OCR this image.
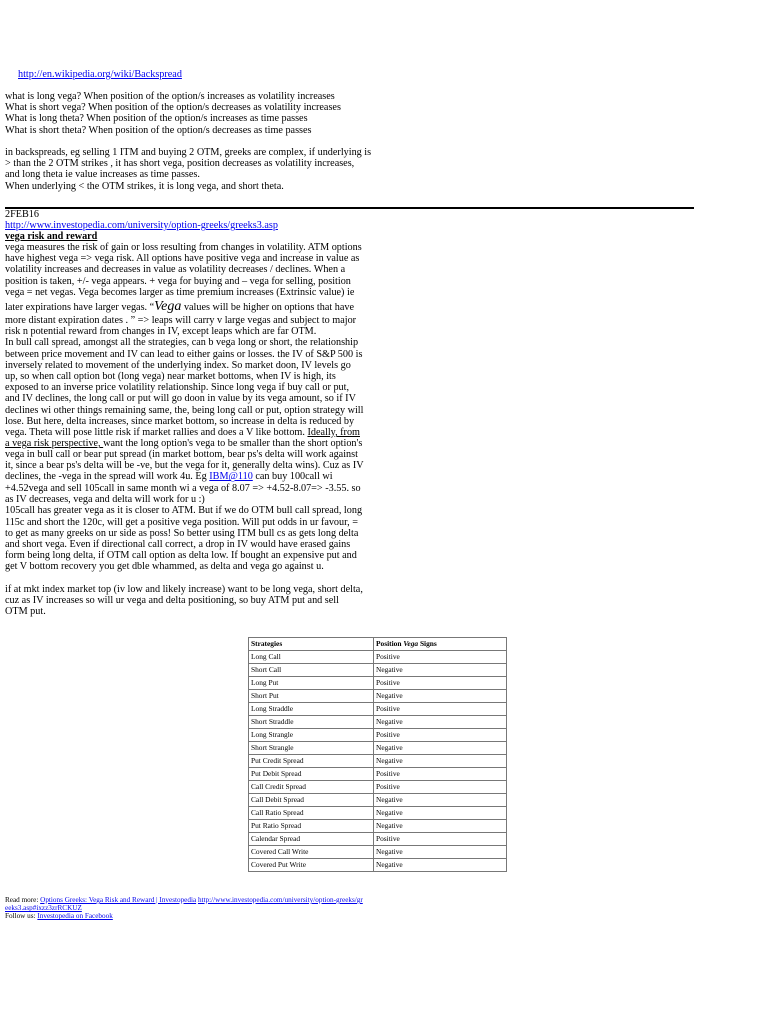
http://en.wikipedia.org/wiki/Backspread
what is long vega? When position of the option/s increases as volatility increases
What is short vega? When position of the option/s decreases as volatility increases
What is long theta? When position of the option/s increases as time passes
What is short theta? When position of the option/s decreases as time passes
in backspreads, eg selling 1 ITM and buying 2 OTM, greeks are complex, if underlying is
> than the 2 OTM strikes , it has short vega, position decreases as volatility increases,
and long theta ie value increases as time passes.
When underlying < the OTM strikes, it is long vega, and short theta.
2FEB16
http://www.investopedia.com/university/option-greeks/greeks3.asp
vega risk and reward
vega measures the risk of gain or loss resulting from changes in volatility. ATM options
have highest vega => vega risk. All options have positive vega and increase in value as
volatility increases and decreases in value as volatility decreases / declines. When a
position is taken, +/- vega appears. + vega for buying and – vega for selling, position
vega = net vegas. Vega becomes larger as time premium increases (Extrinsic value) ie
later expirations have larger vegas. “Vega values will be higher on options that have
more distant expiration dates . ” => leaps will carry v large vegas and subject to major
risk n potential reward from changes in IV, except leaps which are far OTM.
In bull call spread, amongst all the strategies, can b vega long or short, the relationship
between price movement and IV can lead to either gains or losses. the IV of S&P 500 is
inversely related to movement of the underlying index. So market doon, IV levels go
up, so when call option bot (long vega) near market bottoms, when IV is high, its
exposed to an inverse price volatility relationship. Since long vega if buy call or put,
and IV declines, the long call or put will go doon in value by its vega amount, so if IV
declines wi other things remaining same, the, being long call or put, option strategy will
lose. But here, delta increases, since market bottom, so increase in delta is reduced by
vega. Theta will pose little risk if market rallies and does a V like bottom. Ideally, from
a vega risk perspective, want the long option's vega to be smaller than the short option's
vega in bull call or bear put spread (in market bottom, bear ps's delta will work against
it, since a bear ps's delta will be -ve, but the vega for it, generally delta wins). Cuz as IV
declines, the -vega in the spread will work 4u. Eg IBM@110 can buy 100call wi
+4.52vega and sell 105call in same month wi a vega of 8.07 => +4.52-8.07=> -3.55. so
as IV decreases, vega and delta will work for u :)
105call has greater vega as it is closer to ATM. But if we do OTM bull call spread, long
115c and short the 120c, will get a positive vega position. Will put odds in ur favour, =
to get as many greeks on ur side as poss! So better using ITM bull cs as gets long delta
and short vega. Even if directional call correct, a drop in IV would have erased gains
form being long delta, if OTM call option as delta low. If bought an expensive put and
get V bottom recovery you get dble whammed, as delta and vega go against u.
if at mkt index market top (iv low and likely increase) want to be long vega, short delta,
cuz as IV increases so will ur vega and delta positioning, so buy ATM put and sell
OTM put.
Strategies	Position Vega Signs
Long Call	Positive
Short Call	Negative
Long Put	Positive
Short Put	Negative
Long Straddle	Positive
Short Straddle	Negative
Long Strangle	Positive
Short Strangle	Negative
Put Credit Spread	Negative
Put Debit Spread	Positive
Call Credit Spread	Positive
Call Debit Spread	Negative
Call Ratio Spread	Negative
Put Ratio Spread	Negative
Calendar Spread	Positive
Covered Call Write	Negative
Covered Put Write	Negative
Read more: Options Greeks: Vega Risk and Reward | Investopedia http://www.investopedia.com/university/option-greeks/greeks3.asp#ixzz3zrRCKUZ
Follow us: Investopedia on Facebook
